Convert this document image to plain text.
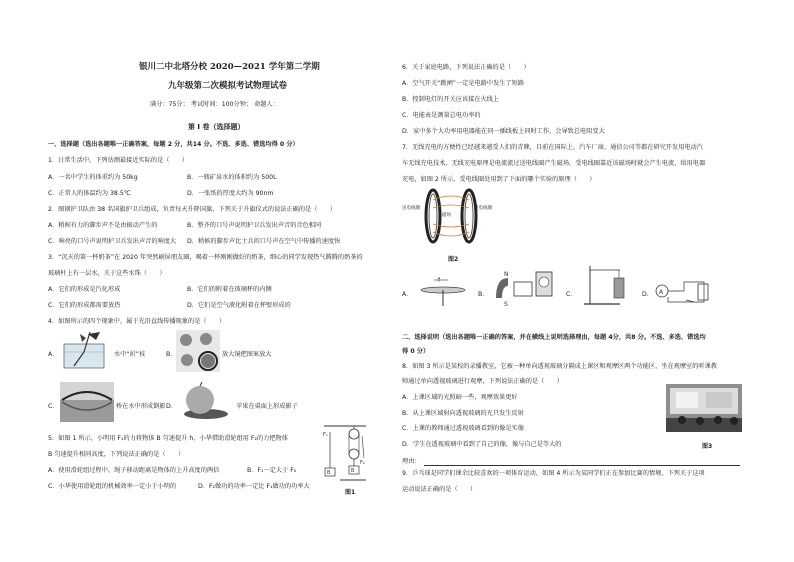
银川二中北塔分校 2020—2021 学年第二学期
九年级第二次模拟考试物理试卷
满分：75分； 考试时间：100分钟； 命题人：
第 I 卷（选择题）
一、选择题（选出各题唯一正确答案，每题 2 分，共14 分。不选、多选、错选均得 0 分）
1．日常生活中，下列估测最接近实际的是（　　）
A．一名中学生的体重约为 50kg	B．一瓶矿泉水的体积约为 500L
C．正常人的体温约为 38.5℃	D．一张纸的厚度大约为 90nm
2．图钢护卫队由 38 名国旗护卫兵组成，负责每天升降国旗，下列关于升旗仪式的说法正确的是（　　）
A．稍候有力的脚步声不是由振动产生的	B．整齐的口号声说明护卫兵发出声音的音色相同
C．响亮的口号声说明护卫兵发出声音的响度大 D．稍候的脚步声比士兵的口号声在空气中传播的速度快
3．“沉天的第一杯奶茶”在 2020 年突然刷屏朋友圈，喝着一杯刚刚做好的奶茶，细心的同学发现热气腾腾的奶茶的
玻璃杆上有一层水，关于这些水珠（　　）
A．它们的形成是汽化形成	B．它们的附着在玻璃杯的内侧
C．它们的形成都需要放热	D．它们是空气液化附着在杯壁形成的
4．如图所示的四个现象中，属于光沿直线传播现象的是（　　）
A．	水中“折”枝	B．	放大镜把图案放大
C．	桥在水中形成倒影 D．	苹果在桌面上形成影子
5．如图 1 所示，小明用 F₁的力将物体 B 匀速提升 h，小华借助滑轮组用 F₂的力把物体
B 匀速提升相同高度，下列说法正确的是（　　）
A．使用滑轮组过程中，绳子移动距离是物体的上升高度的两倍	B．F₁一定大于 F₂
C．小华使用滑轮组的机械效率一定小于小明的	D．F₂做功的功率一定比 F₁做功的功率大
F₁
B
F₂
B
图1
6．关于家庭电路，下列说法正确的是（　　）
A．空气开关“跳闸”一定是电路中发生了短路
B．控制电灯的开关应该接在火线上
C．电能表是测量总电功率的
D．家中多个大功率用电器能在同一插线板上同时工作，会导致总电阻变大
7．无线充电的方便性已经越来越受人们的青睐，目前在国际上，汽车厂商、通信公司等都在研究开发用电动汽
车无线充电技术，无线充电原理是电流流过送电线圈产生磁场，受电线圈靠近该磁场时就会产生电流，给用电器
充电，如图 2 所示，受电线圈处用到了下面的哪个实验的原理（　　）
送电线圈
磁场
受电线圈
图2
A．
f
B．
N
S
C．	D． A
二、选择说明（选出各题唯一正确的答案，并在横线上说明选择理由，每题 4分，共8 分。不选、多选、错选均
得 0 分）
8．如图 3 所示是某校的录播教室，它被一种单向透视玻璃分隔成上课区和观摩区两个功能区，坐在观摩室的听课教
师通过单向透视玻璃进行观摩，下列说法正确的是（　　）
A．上课区域的光照暗一些，观摩效果更好
B．从上课区域射向透视玻璃的光只发生反射
C．上课的教师通过透视玻璃看到的像是实像
D．学生在透视玻璃中看到了自己的像，像与自己是等大的
理由：
图3
9．乒乓球是同学们课余比较喜欢的一项体育运动，如图 4 所示为某同学们正在参加比赛的情境，下列关于这项
运动说法正确的是（　　）
